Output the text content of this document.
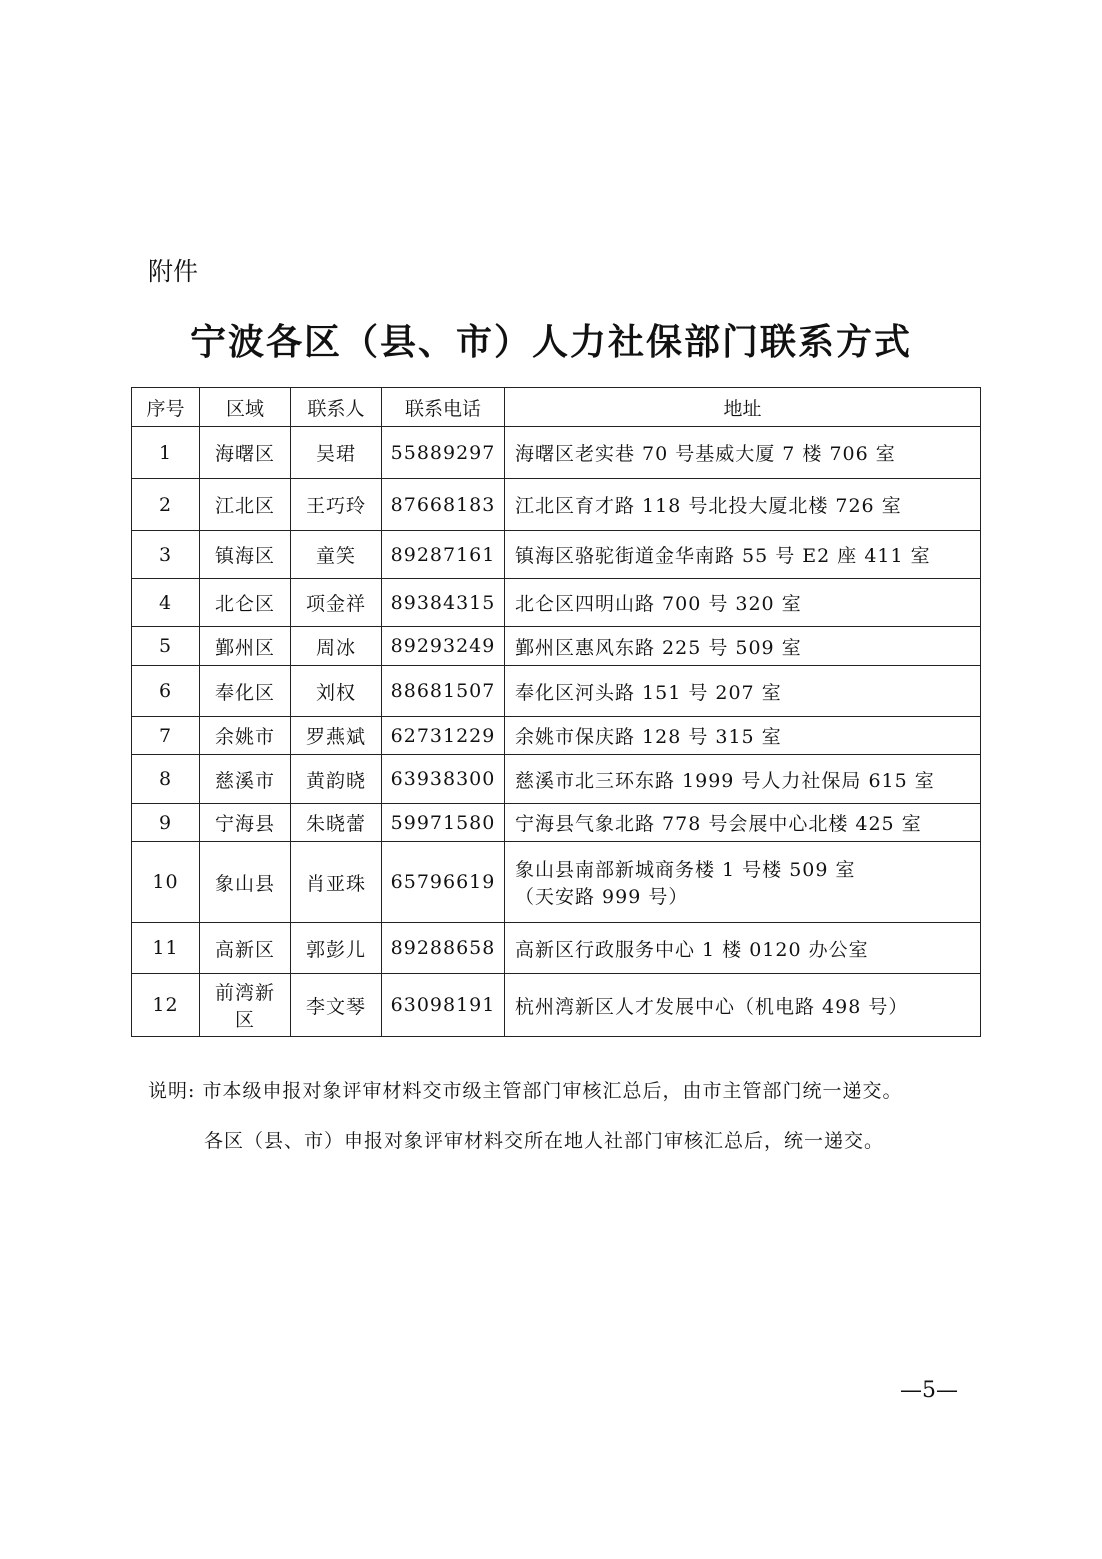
附件
宁波各区（县、市）人力社保部门联系方式
序号	区域	联系人	联系电话	地址
1	海曙区	吴珺	55889297	海曙区老实巷 70 号基威大厦 7 楼 706 室
2	江北区	王巧玲	87668183	江北区育才路 118 号北投大厦北楼 726 室
3	镇海区	童笑	89287161	镇海区骆驼街道金华南路 55 号 E2 座 411 室
4	北仑区	项金祥	89384315	北仑区四明山路 700 号 320 室
5	鄞州区	周冰	89293249	鄞州区惠风东路 225 号 509 室
6	奉化区	刘权	88681507	奉化区河头路 151 号 207 室
7	余姚市	罗燕斌	62731229	余姚市保庆路 128 号 315 室
8	慈溪市	黄韵晓	63938300	慈溪市北三环东路 1999 号人力社保局 615 室
9	宁海县	朱晓蕾	59971580	宁海县气象北路 778 号会展中心北楼 425 室
10	象山县	肖亚珠	65796619	象山县南部新城商务楼 1 号楼 509 室
（天安路 999 号）

11	高新区	郭彭儿	89288658	高新区行政服务中心 1 楼 0120 办公室
12	前湾新区	李文琴	63098191	杭州湾新区人才发展中心（机电路 498 号）
说明: 市本级申报对象评审材料交市级主管部门审核汇总后，由市主管部门统一递交。
各区（县、市）申报对象评审材料交所在地人社部门审核汇总后，统一递交。
—5—
